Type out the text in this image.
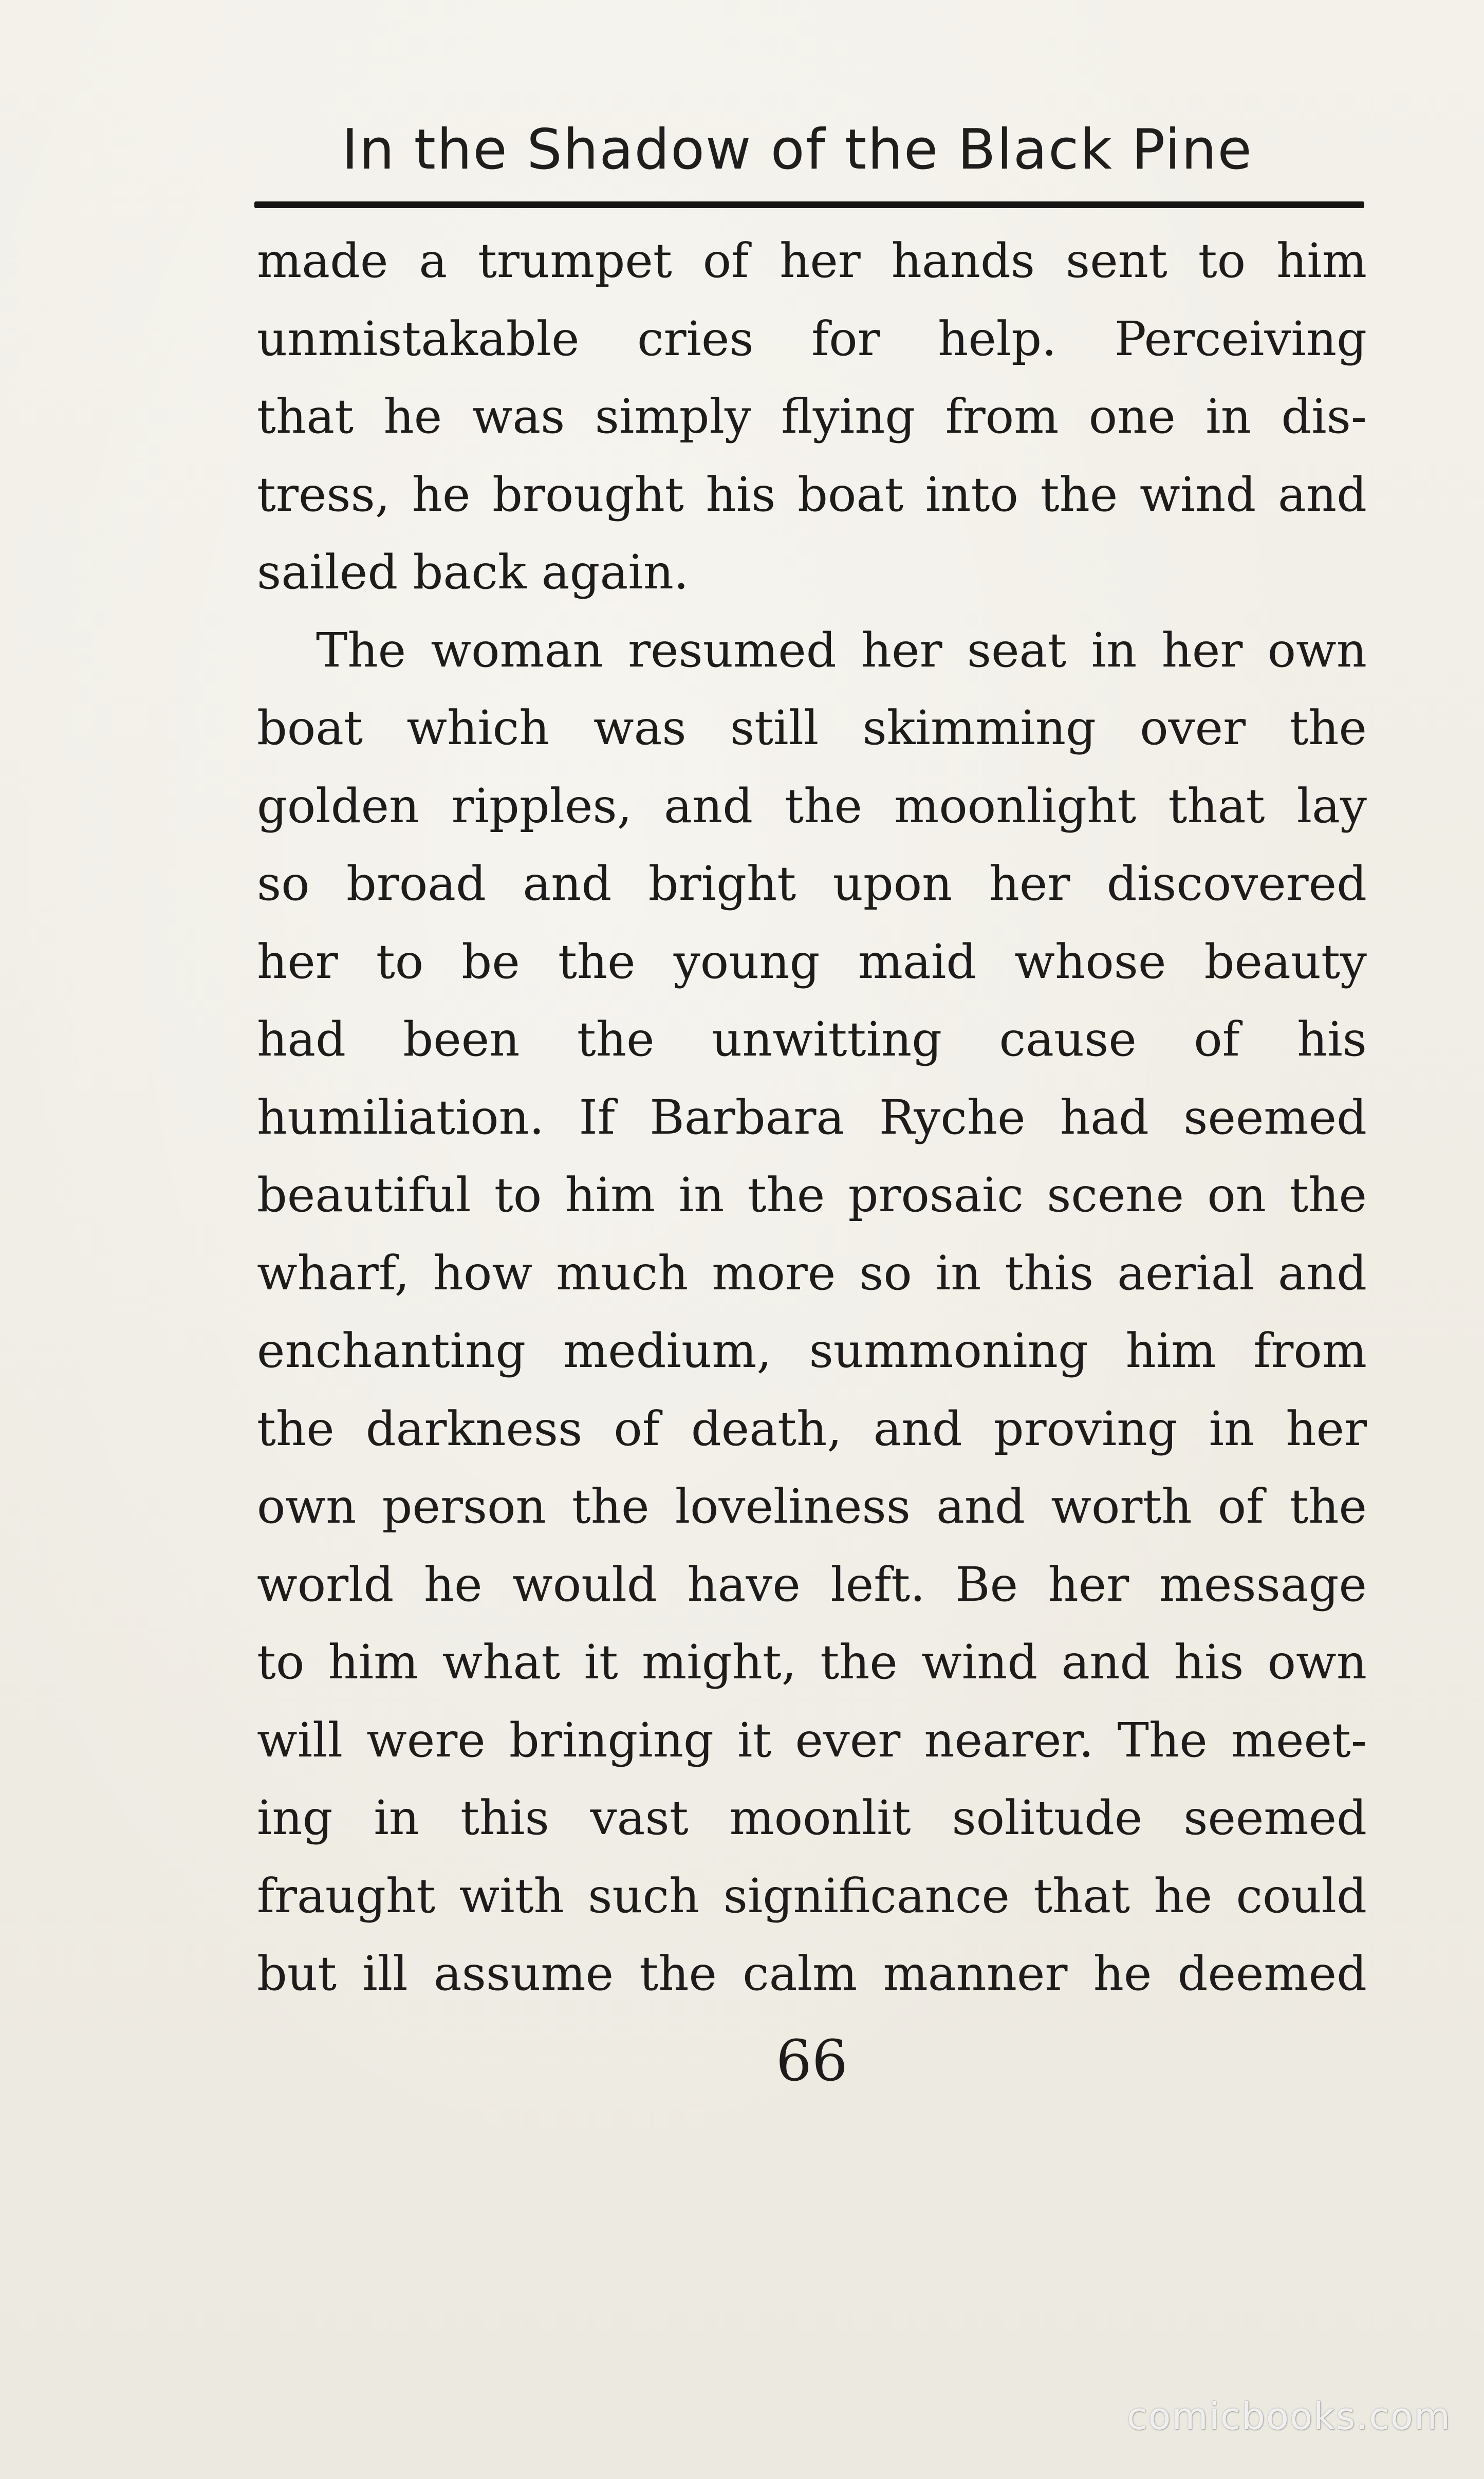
In the Shadow of the Black Pine
made a trumpet of her hands sent to him
unmistakable cries for help. Perceiving
that he was simply flying from one in dis-
tress, he brought his boat into the wind and
sailed back again.
The woman resumed her seat in her own
boat which was still skimming over the
golden ripples, and the moonlight that lay
so broad and bright upon her discovered
her to be the young maid whose beauty
had been the unwitting cause of his
humiliation. If Barbara Ryche had seemed
beautiful to him in the prosaic scene on the
wharf, how much more so in this aerial and
enchanting medium, summoning him from
the darkness of death, and proving in her
own person the loveliness and worth of the
world he would have left. Be her message
to him what it might, the wind and his own
will were bringing it ever nearer. The meet-
ing in this vast moonlit solitude seemed
fraught with such significance that he could
but ill assume the calm manner he deemed
66
comicbooks.com
